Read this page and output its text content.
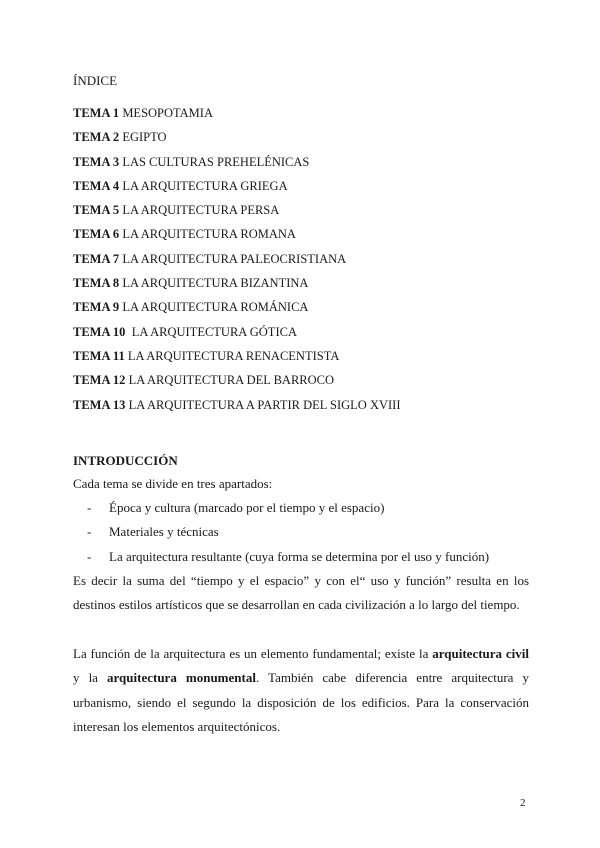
ÍNDICE
TEMA 1 MESOPOTAMIA
TEMA 2 EGIPTO
TEMA 3 LAS CULTURAS PREHELÉNICAS
TEMA 4 LA ARQUITECTURA GRIEGA
TEMA 5 LA ARQUITECTURA PERSA
TEMA 6 LA ARQUITECTURA ROMANA
TEMA 7 LA ARQUITECTURA PALEOCRISTIANA
TEMA 8 LA ARQUITECTURA BIZANTINA
TEMA 9 LA ARQUITECTURA ROMÁNICA
TEMA 10  LA ARQUITECTURA GÓTICA
TEMA 11 LA ARQUITECTURA RENACENTISTA
TEMA 12 LA ARQUITECTURA DEL BARROCO
TEMA 13 LA ARQUITECTURA A PARTIR DEL SIGLO XVIII
INTRODUCCIÓN
Cada tema se divide en tres apartados:
- Época y cultura (marcado por el tiempo y el espacio)
- Materiales y técnicas
- La arquitectura resultante (cuya forma se determina por el uso y función)

Es decir la suma del “tiempo y el espacio” y con el“ uso y función” resulta en los destinos estilos artísticos que se desarrollan en cada civilización a lo largo del tiempo.

La función de la arquitectura es un elemento fundamental; existe la arquitectura civil y la arquitectura monumental. También cabe diferencia entre arquitectura y urbanismo, siendo el segundo la disposición de los edificios. Para la conservación interesan los elementos arquitectónicos.

2
